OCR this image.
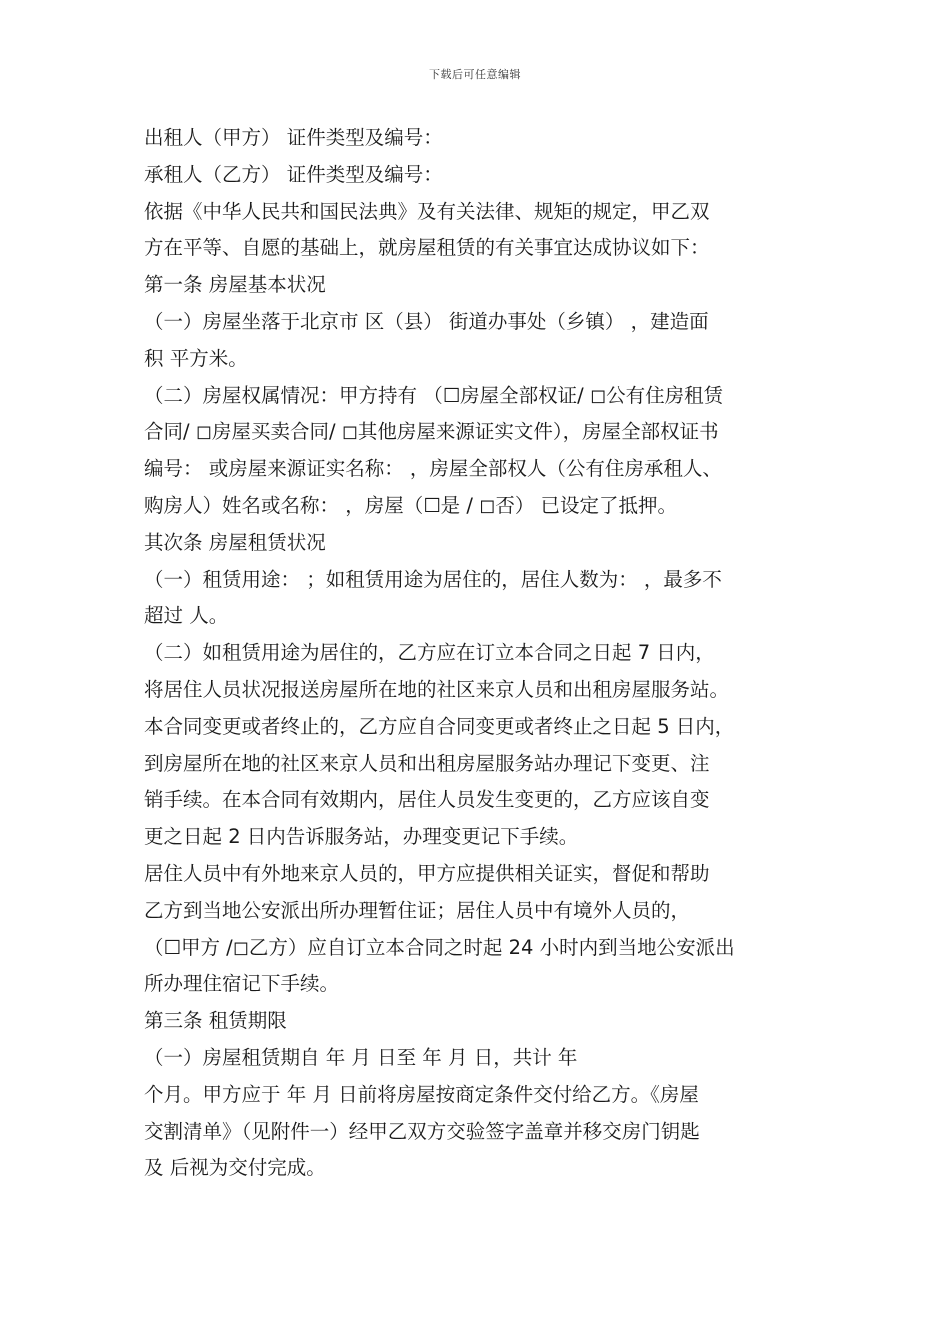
下载后可任意编辑
出租人（甲方） 证件类型及编号：
承租人（乙方） 证件类型及编号：
依据《中华人民共和国民法典》及有关法律、规矩的规定，甲乙双
方在平等、自愿的基础上，就房屋租赁的有关事宜达成协议如下：
第一条 房屋基本状况
（一）房屋坐落于北京市 区（县） 街道办事处（乡镇） ，建造面
积 平方米。
（二）房屋权属情况：甲方持有 （☐房屋全部权证/ ◻公有住房租赁
合同/ ◻房屋买卖合同/ ◻其他房屋来源证实文件），房屋全部权证书
编号： 或房屋来源证实名称： ，房屋全部权人（公有住房承租人、
购房人）姓名或名称： ，房屋（☐是 / ◻否） 已设定了抵押。
其次条 房屋租赁状况
（一）租赁用途： ；如租赁用途为居住的，居住人数为： ，最多不
超过 人。
（二）如租赁用途为居住的，乙方应在订立本合同之日起 7 日内，
将居住人员状况报送房屋所在地的社区来京人员和出租房屋服务站。
本合同变更或者终止的，乙方应自合同变更或者终止之日起 5 日内，
到房屋所在地的社区来京人员和出租房屋服务站办理记下变更、注
销手续。在本合同有效期内，居住人员发生变更的，乙方应该自变
更之日起 2 日内告诉服务站，办理变更记下手续。
居住人员中有外地来京人员的，甲方应提供相关证实，督促和帮助
乙方到当地公安派出所办理暂住证；居住人员中有境外人员的，
（☐甲方 /◻乙方）应自订立本合同之时起 24 小时内到当地公安派出
所办理住宿记下手续。
第三条 租赁期限
（一）房屋租赁期自 年 月 日至 年 月 日，共计 年
个月。甲方应于 年 月 日前将房屋按商定条件交付给乙方。《房屋
交割清单》（见附件一）经甲乙双方交验签字盖章并移交房门钥匙
及 后视为交付完成。
